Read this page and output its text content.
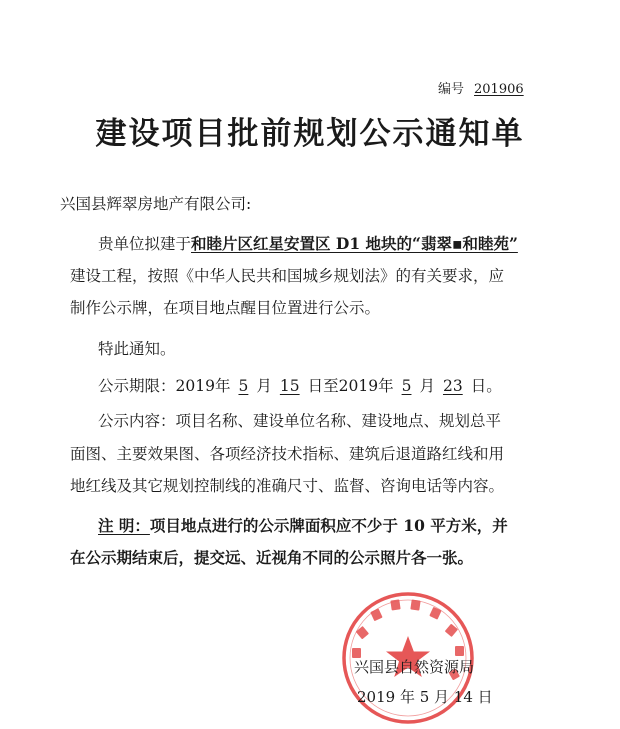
编号 201906
建设项目批前规划公示通知单
兴国县辉翠房地产有限公司:
贵单位拟建于和睦片区红星安置区 D1 地块的“翡翠▪和睦苑”
建设工程，按照《中华人民共和国城乡规划法》的有关要求，应
制作公示牌，在项目地点醒目位置进行公示。
特此通知。
公示期限：2019年 5 月 15 日至2019年 5 月 23 日。
公示内容：项目名称、建设单位名称、建设地点、规划总平
面图、主要效果图、各项经济技术指标、建筑后退道路红线和用
地红线及其它规划控制线的准确尺寸、监督、咨询电话等内容。
注 明：项目地点进行的公示牌面积应不少于 10 平方米，并
在公示期结束后，提交远、近视角不同的公示照片各一张。
兴国县自然资源局
2019 年 5 月 14 日
